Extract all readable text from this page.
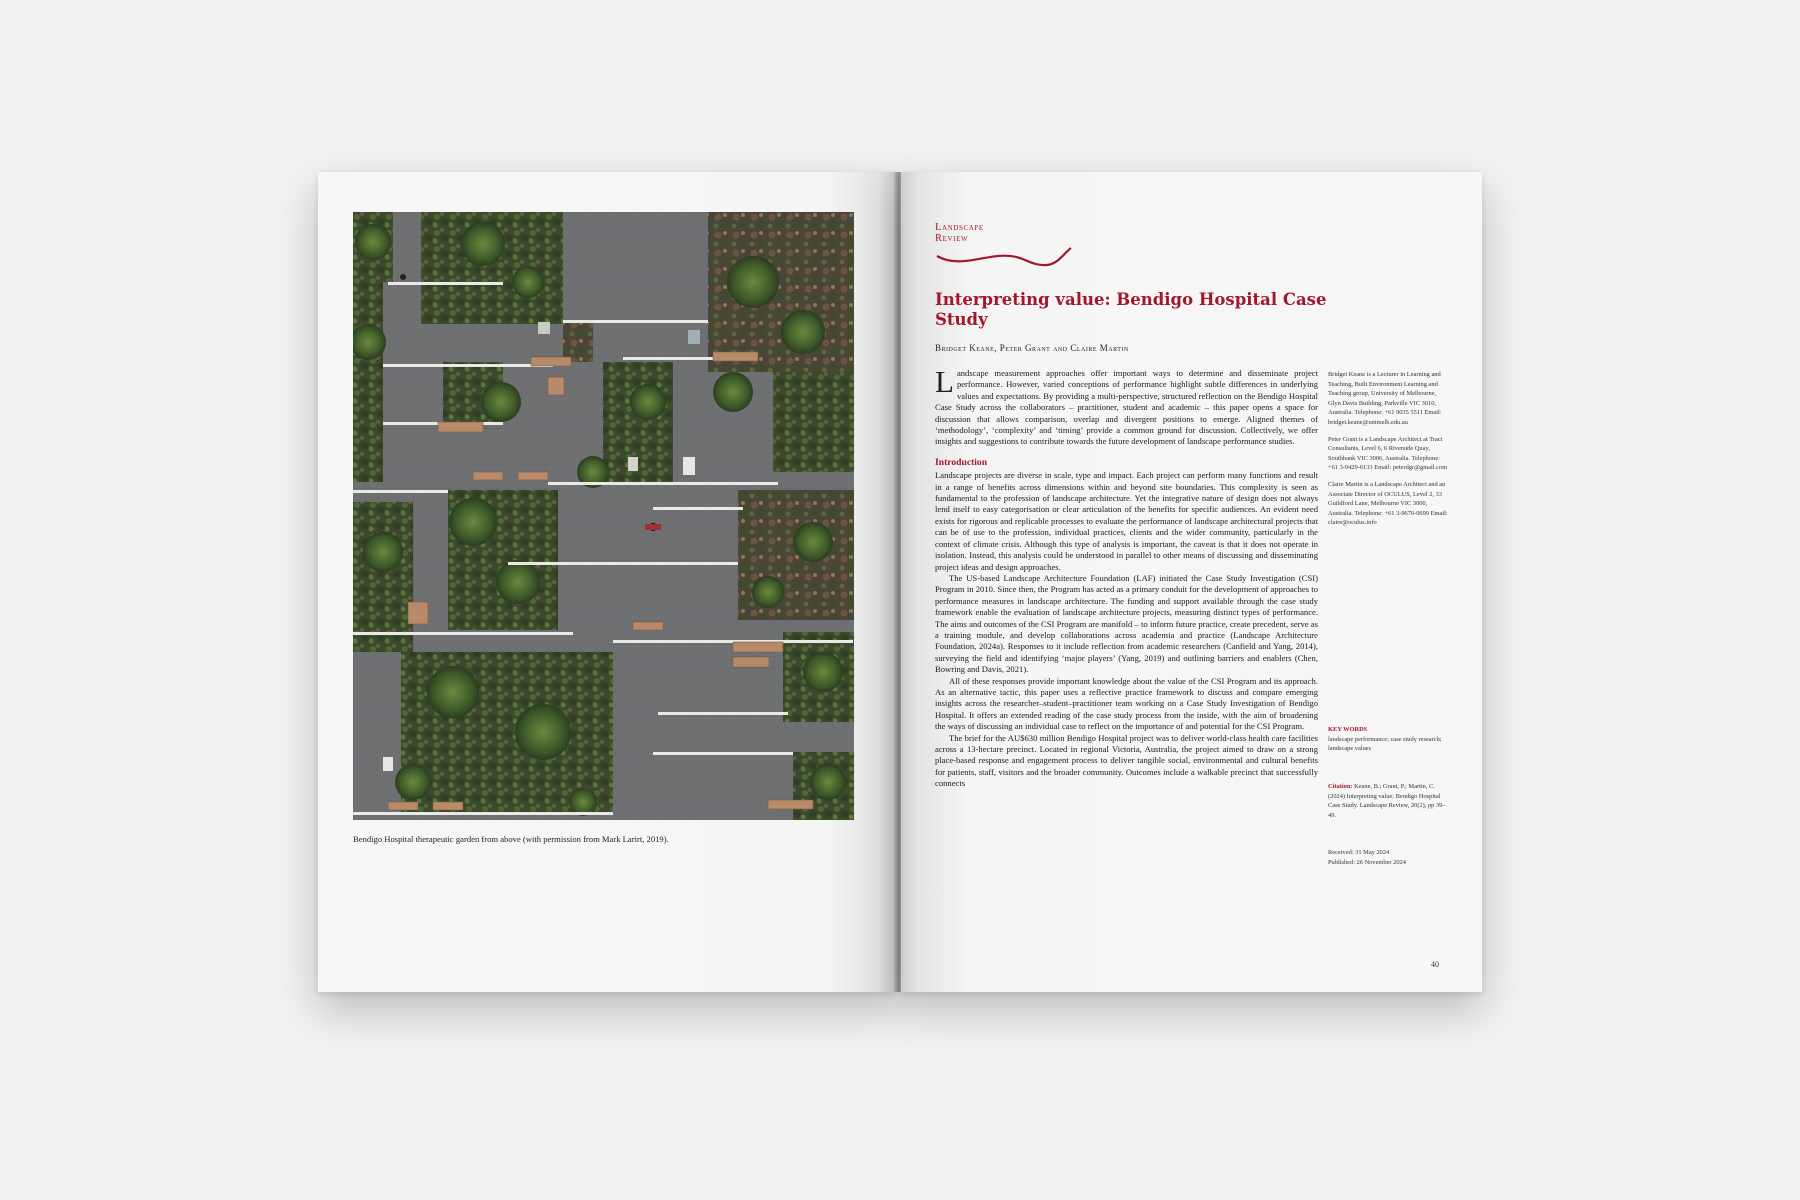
Bendigo Hospital therapeutic garden from above (with permission from Mark Larirt, 2019).
Landscape
Review
Interpreting value: Bendigo Hospital Case Study
Bridget Keane, Peter Grant and Claire Martin

Landscape measurement approaches offer important ways to determine and disseminate project performance. However, varied conceptions of performance highlight subtle differences in underlying values and expectations. By providing a multi-perspective, structured reflection on the Bendigo Hospital Case Study across the collaborators – practitioner, student and academic – this paper opens a space for discussion that allows comparison, overlap and divergent positions to emerge. Aligned themes of ‘methodology’, ‘complexity’ and ‘timing’ provide a common ground for discussion. Collectively, we offer insights and suggestions to contribute towards the future development of landscape performance studies.

Introduction

Landscape projects are diverse in scale, type and impact. Each project can perform many functions and result in a range of benefits across dimensions within and beyond site boundaries. This complexity is seen as fundamental to the profession of landscape architecture. Yet the integrative nature of design does not always lend itself to easy categorisation or clear articulation of the benefits for specific audiences. An evident need exists for rigorous and replicable processes to evaluate the performance of landscape architectural projects that can be of use to the profession, individual practices, clients and the wider community, particularly in the context of climate crisis. Although this type of analysis is important, the caveat is that it does not operate in isolation. Instead, this analysis could be understood in parallel to other means of discussing and disseminating project ideas and design approaches.

The US-based Landscape Architecture Foundation (LAF) initiated the Case Study Investigation (CSI) Program in 2010. Since then, the Program has acted as a primary conduit for the development of approaches to performance measures in landscape architecture. The funding and support available through the case study framework enable the evaluation of landscape architecture projects, measuring distinct types of performance. The aims and outcomes of the CSI Program are manifold – to inform future practice, create precedent, serve as a training module, and develop collaborations across academia and practice (Landscape Architecture Foundation, 2024a). Responses to it include reflection from academic researchers (Canfield and Yang, 2014), surveying the field and identifying ‘major players’ (Yang, 2019) and outlining barriers and enablers (Chen, Bowring and Davis, 2021).

All of these responses provide important knowledge about the value of the CSI Program and its approach. As an alternative tactic, this paper uses a reflective practice framework to discuss and compare emerging insights across the researcher–student–practitioner team working on a Case Study Investigation of Bendigo Hospital. It offers an extended reading of the case study process from the inside, with the aim of broadening the ways of discussing an individual case to reflect on the importance of and potential for the CSI Program.

The brief for the AU$630 million Bendigo Hospital project was to deliver world-class health care facilities across a 13-hectare precinct. Located in regional Victoria, Australia, the project aimed to draw on a strong place-based response and engagement process to deliver tangible social, environmental and cultural benefits for patients, staff, visitors and the broader community. Outcomes include a walkable precinct that successfully connects

Bridget Keane is a Lecturer in Learning and Teaching, Built Environment Learning and Teaching group, University of Melbourne, Glyn Davis Building, Parkville VIC 3010, Australia. Telephone: +61 9035 5511 Email: bridget.keane@unimelb.edu.au

Peter Grant is a Landscape Architect at Tract Consultants, Level 6, 6 Riverside Quay, Southbank VIC 3006, Australia. Telephone: +61 3-9429-6133 Email: peterdgr@gmail.com

Claire Martin is a Landscape Architect and an Associate Director of OCULUS, Level 2, 33 Guildford Lane, Melbourne VIC 3000, Australia. Telephone: +61 3-9670-0699 Email: claire@oculus.info

KEY WORDS

landscape performance; case study research; landscape values

Citation: Keane, B.; Grant, P.; Martin, C. (2024) Interpreting value: Bendigo Hospital Case Study. Landscape Review, 20(2), pp 39–49.
Received: 31 May 2024
Published: 26 November 2024
40
